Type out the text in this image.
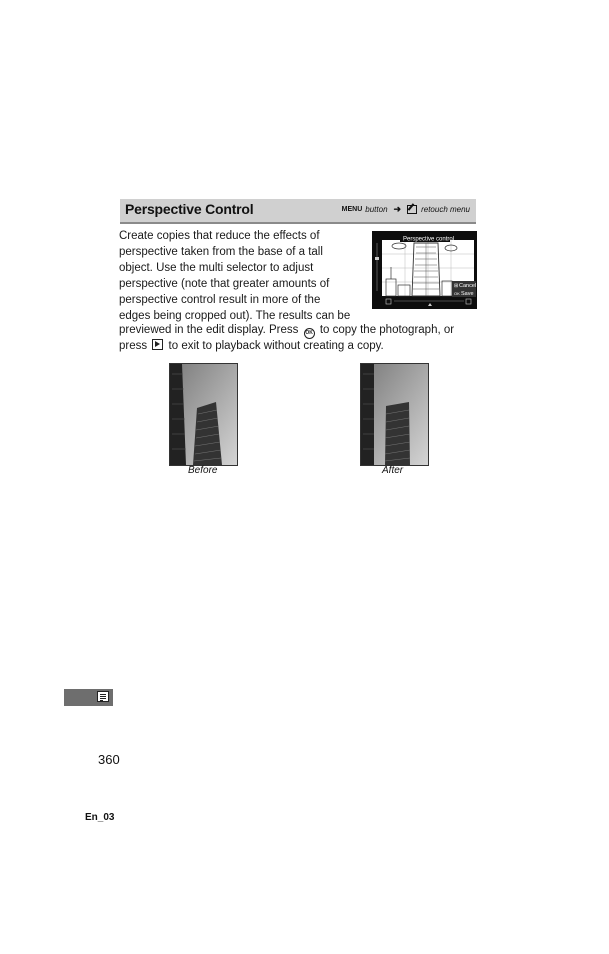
Perspective Control	MENU button ➜	retouch menu
Create copies that reduce the effects of
perspective taken from the base of a tall
object. Use the multi selector to adjust
perspective (note that greater amounts of
perspective control result in more of the
edges being cropped out). The results can be
previewed in the edit display. Press OK to copy the photograph, or
press to exit to playback without creating a copy.
Perspective control
⊞ Cancel
OK Save
Before	After
360
En_03
